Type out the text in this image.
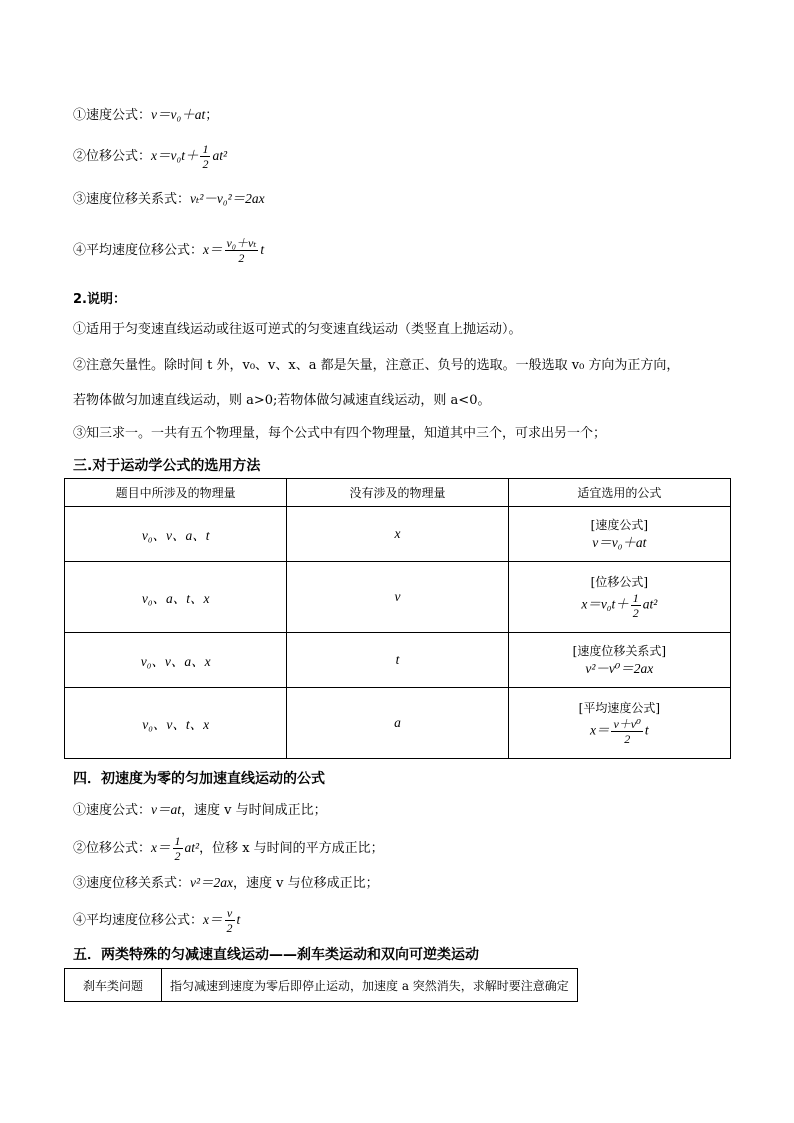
①速度公式：v＝v₀＋at；
②位移公式：$x=v_0t+ \frac{1}{2} at^2$
③速度位移关系式：vₜ²－v₀²＝2ax
④平均速度位移公式：$x= \frac{\text{v₀＋vₜ}}{2}$ t
2.说明：
①适用于匀变速直线运动或往返可逆式的匀变速直线运动（类竖直上抛运动）。
②注意矢量性。除时间 t 外，v₀、v、x、a 都是矢量，注意正、负号的选取。一般选取 v₀ 方向为正方向，
若物体做匀加速直线运动，则 a>0;若物体做匀减速直线运动，则 a<0。
③知三求一。一共有五个物理量，每个公式中有四个物理量，知道其中三个，可求出另一个；
三.对于运动学公式的选用方法
题目中所涉及的物理量	没有涉及的物理量	适宜选用的公式
v₀、v、a、t	x	[速度公式]
v＝v₀＋at

v₀、a、t、x	v	[位移公式]
$x=v_0t+ \frac{1}{2} at^2$

v₀、v、a、x	t	[速度位移关系式]
v²－v⁰＝2ax

v₀、v、t、x	a	[平均速度公式]
$x= \frac{\text{v＋v⁰}}{2}$ t
四．初速度为零的匀加速直线运动的公式
①速度公式：v＝at，速度 v 与时间成正比；
②位移公式：$x= \frac{1}{2} at^2$，位移 x 与时间的平方成正比；
③速度位移关系式：v²＝2ax，速度 v 与位移成正比；
④平均速度位移公式：$x= \frac{v}{2}$ t
五．两类特殊的匀减速直线运动——刹车类运动和双向可逆类运动
刹车类问题	指匀减速到速度为零后即停止运动，加速度 a 突然消失，求解时要注意确定
